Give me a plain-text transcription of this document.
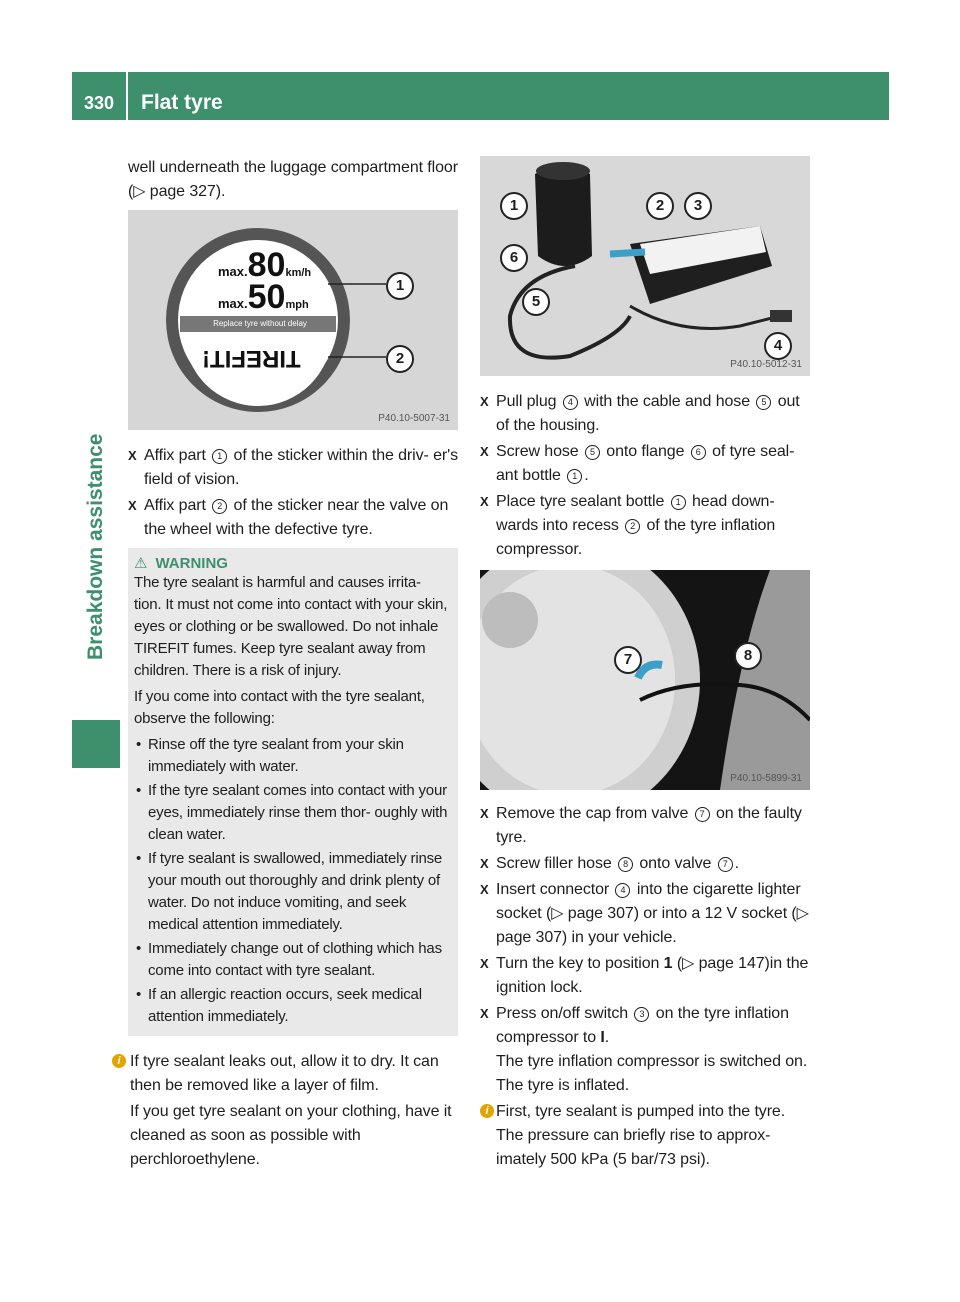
330 Flat tyre
Breakdown assistance
well underneath the luggage compartment floor (▷ page 327).
max.80km/h
max.50mph
Replace tyre without delay
TIREFIT!
1
2
P40.10-5007-31
X Affix part 1 of the sticker within the driv- er's field of vision.
X Affix part 2 of the sticker near the valve on the wheel with the defective tyre.
⚠ WARNING
The tyre sealant is harmful and causes irrita- tion. It must not come into contact with your skin, eyes or clothing or be swallowed. Do not inhale TIREFIT fumes. Keep tyre sealant away from children. There is a risk of injury.
If you come into contact with the tyre sealant, observe the following:
• Rinse off the tyre sealant from your skin immediately with water.
• If the tyre sealant comes into contact with your eyes, immediately rinse them thor- oughly with clean water.
• If tyre sealant is swallowed, immediately rinse your mouth out thoroughly and drink plenty of water. Do not induce vomiting, and seek medical attention immediately.
• Immediately change out of clothing which has come into contact with tyre sealant.
• If an allergic reaction occurs, seek medical attention immediately.
i If tyre sealant leaks out, allow it to dry. It can then be removed like a layer of film.
If you get tyre sealant on your clothing, have it cleaned as soon as possible with perchloroethylene.
1	2	3
6
5
4
P40.10-5012-31
X Pull plug 4 with the cable and hose 5 out of the housing.
X Screw hose 5 onto flange 6 of tyre seal- ant bottle 1 .
X Place tyre sealant bottle 1 head down- wards into recess 2 of the tyre inflation compressor.
7	8
P40.10-5899-31
X Remove the cap from valve 7 on the faulty tyre.
X Screw filler hose 8 onto valve 7 .
X Insert connector 4 into the cigarette lighter socket (▷ page 307) or into a 12 V socket (▷ page 307) in your vehicle.
X Turn the key to position 1 (▷ page 147)in the ignition lock.
X Press on/off switch 3 on the tyre inflation compressor to I.
The tyre inflation compressor is switched on. The tyre is inflated.
i First, tyre sealant is pumped into the tyre. The pressure can briefly rise to approx- imately 500 kPa (5 bar/73 psi).
